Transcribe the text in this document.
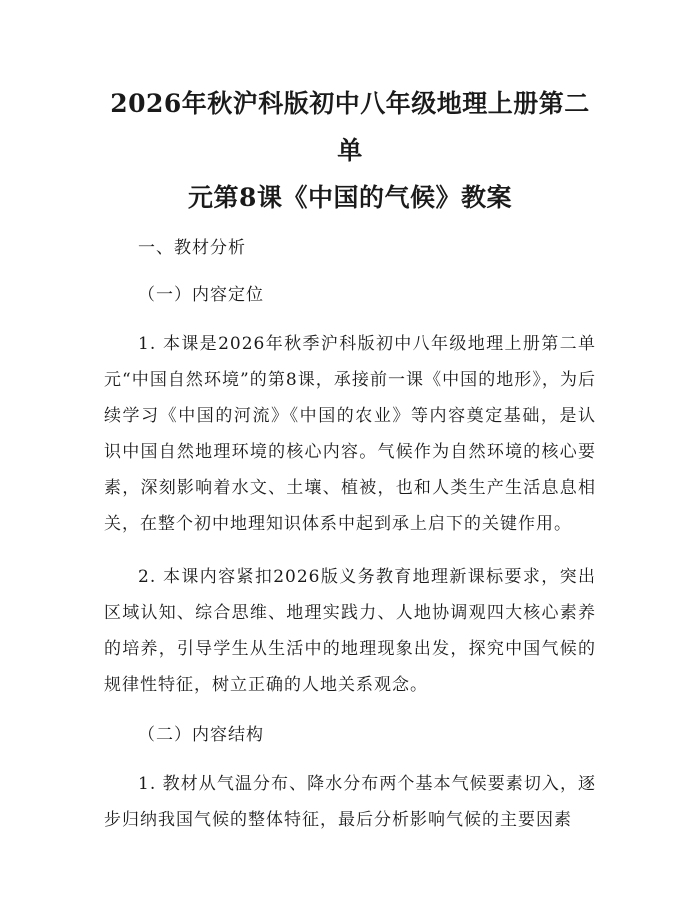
2026年秋沪科版初中八年级地理上册第二单
元第8课《中国的气候》教案

一、教材分析

（一）内容定位

1. 本课是2026年秋季沪科版初中八年级地理上册第二单元“中国自然环境”的第8课，承接前一课《中国的地形》，为后续学习《中国的河流》《中国的农业》等内容奠定基础，是认识中国自然地理环境的核心内容。气候作为自然环境的核心要素，深刻影响着水文、土壤、植被，也和人类生产生活息息相关，在整个初中地理知识体系中起到承上启下的关键作用。

2. 本课内容紧扣2026版义务教育地理新课标要求，突出区域认知、综合思维、地理实践力、人地协调观四大核心素养的培养，引导学生从生活中的地理现象出发，探究中国气候的规律性特征，树立正确的人地关系观念。

（二）内容结构

1. 教材从气温分布、降水分布两个基本气候要素切入，逐步归纳我国气候的整体特征，最后分析影响气候的主要因素
